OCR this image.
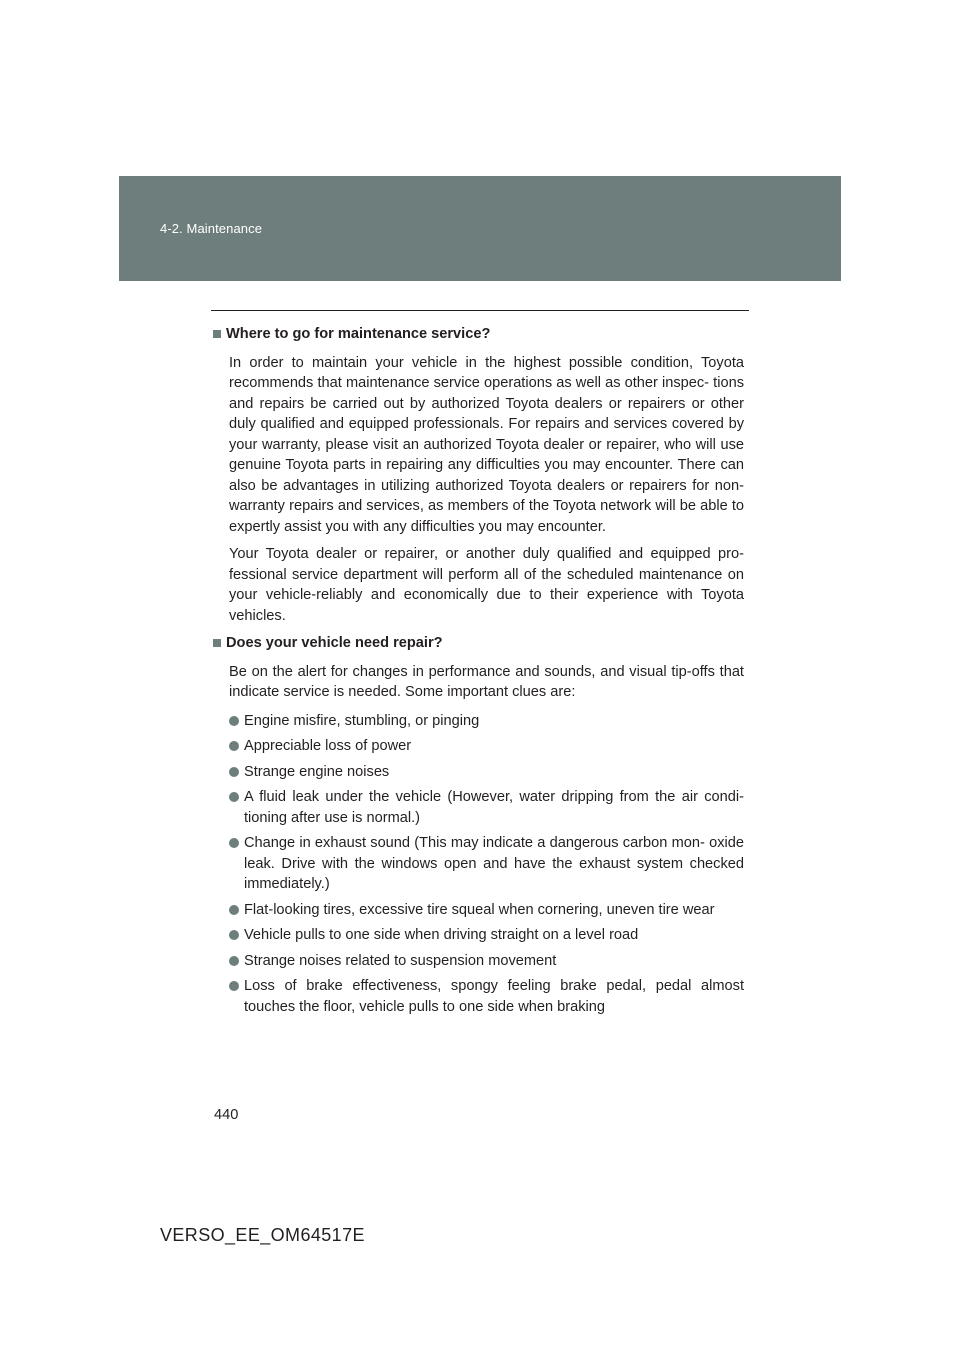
4-2. Maintenance
Where to go for maintenance service?

In order to maintain your vehicle in the highest possible condition, Toyota recommends that maintenance service operations as well as other inspec- tions and repairs be carried out by authorized Toyota dealers or repairers or other duly qualified and equipped professionals. For repairs and services covered by your warranty, please visit an authorized Toyota dealer or repairer, who will use genuine Toyota parts in repairing any difficulties you may encounter. There can also be advantages in utilizing authorized Toyota dealers or repairers for non-warranty repairs and services, as members of the Toyota network will be able to expertly assist you with any difficulties you may encounter.

Your Toyota dealer or repairer, or another duly qualified and equipped pro- fessional service department will perform all of the scheduled maintenance on your vehicle-reliably and economically due to their experience with Toyota vehicles.

Does your vehicle need repair?

Be on the alert for changes in performance and sounds, and visual tip-offs that indicate service is needed. Some important clues are:

Engine misfire, stumbling, or pinging
Appreciable loss of power
Strange engine noises
A fluid leak under the vehicle (However, water dripping from the air condi- tioning after use is normal.)
Change in exhaust sound (This may indicate a dangerous carbon mon- oxide leak. Drive with the windows open and have the exhaust system checked immediately.)
Flat-looking tires, excessive tire squeal when cornering, uneven tire wear
Vehicle pulls to one side when driving straight on a level road
Strange noises related to suspension movement
Loss of brake effectiveness, spongy feeling brake pedal, pedal almost touches the floor, vehicle pulls to one side when braking
440
VERSO_EE_OM64517E
